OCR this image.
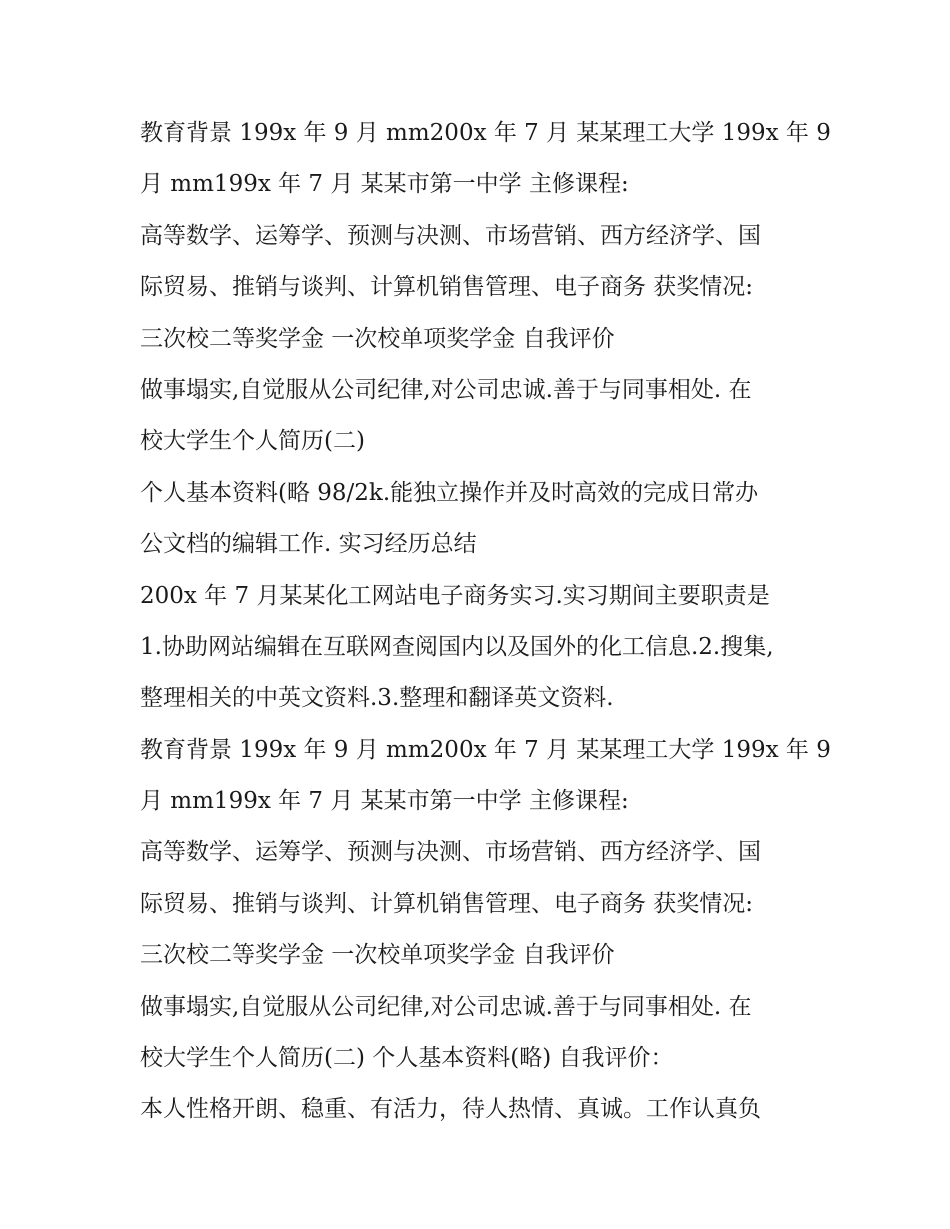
教育背景 199x 年 9 月 mm200x 年 7 月 某某理工大学 199x 年 9
月 mm199x 年 7 月 某某市第一中学 主修课程:
高等数学、运筹学、预测与决测、市场营销、西方经济学、国
际贸易、推销与谈判、计算机销售管理、电子商务 获奖情况:
三次校二等奖学金 一次校单项奖学金 自我评价
做事塌实,自觉服从公司纪律,对公司忠诚.善于与同事相处. 在
校大学生个人简历(二)
个人基本资料(略 98/2k.能独立操作并及时高效的完成日常办
公文档的编辑工作. 实习经历总结
200x 年 7 月某某化工网站电子商务实习.实习期间主要职责是
1.协助网站编辑在互联网查阅国内以及国外的化工信息.2.搜集,
整理相关的中英文资料.3.整理和翻译英文资料.
教育背景 199x 年 9 月 mm200x 年 7 月 某某理工大学 199x 年 9
月 mm199x 年 7 月 某某市第一中学 主修课程:
高等数学、运筹学、预测与决测、市场营销、西方经济学、国
际贸易、推销与谈判、计算机销售管理、电子商务 获奖情况:
三次校二等奖学金 一次校单项奖学金 自我评价
做事塌实,自觉服从公司纪律,对公司忠诚.善于与同事相处. 在
校大学生个人简历(二) 个人基本资料(略) 自我评价：
本人性格开朗、稳重、有活力，待人热情、真诚。工作认真负
